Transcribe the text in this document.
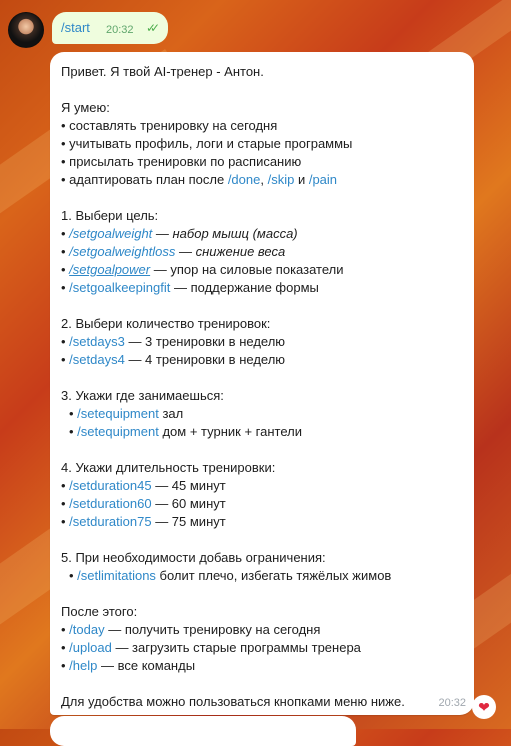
/start 20:32 ✓✓
Привет. Я твой AI-тренер - Антон.
Я умею:
• составлять тренировку на сегодня
• учитывать профиль, логи и старые программы
• присылать тренировки по расписанию
• адаптировать план после /done, /skip и /pain
1. Выбери цель:
• /setgoalweight — набор мышц (масса)
• /setgoalweightloss — снижение веса
• /setgoalpower — упор на силовые показатели
• /setgoalkeepingfit — поддержание формы
2. Выбери количество тренировок:
• /setdays3 — 3 тренировки в неделю
• /setdays4 — 4 тренировки в неделю
3. Укажи где занимаешься:
• /setequipment зал
• /setequipment дом + турник + гантели
4. Укажи длительность тренировки:
• /setduration45 — 45 минут
• /setduration60 — 60 минут
• /setduration75 — 75 минут
5. При необходимости добавь ограничения:
• /setlimitations болит плечо, избегать тяжёлых жимов
После этого:
• /today — получить тренировку на сегодня
• /upload — загрузить старые программы тренера
• /help — все команды
Для удобства можно пользоваться кнопками меню ниже.	20:32 ❤
